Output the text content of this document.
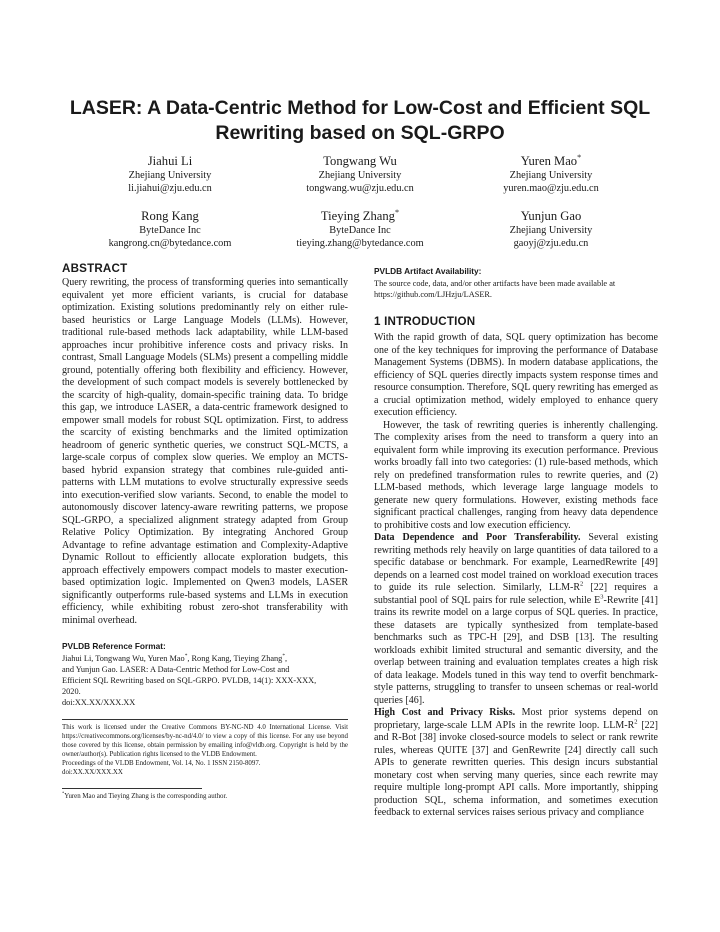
LASER: A Data-Centric Method for Low-Cost and Efficient SQL Rewriting based on SQL-GRPO
Jiahui Li
Zhejiang University
li.jiahui@zju.edu.cn
Tongwang Wu
Zhejiang University
tongwang.wu@zju.edu.cn
Yuren Mao*
Zhejiang University
yuren.mao@zju.edu.cn
Rong Kang
ByteDance Inc
kangrong.cn@bytedance.com
Tieying Zhang*
ByteDance Inc
tieying.zhang@bytedance.com
Yunjun Gao
Zhejiang University
gaoyj@zju.edu.cn
ABSTRACT

Query rewriting, the process of transforming queries into semantically equivalent yet more efficient variants, is crucial for database optimization. Existing solutions predominantly rely on either rule-based heuristics or Large Language Models (LLMs). However, traditional rule-based methods lack adaptability, while LLM-based approaches incur prohibitive inference costs and privacy risks. In contrast, Small Language Models (SLMs) present a compelling middle ground, potentially offering both flexibility and efficiency. However, the development of such compact models is severely bottlenecked by the scarcity of high-quality, domain-specific training data. To bridge this gap, we introduce LASER, a data-centric framework designed to empower small models for robust SQL optimization. First, to address the scarcity of existing benchmarks and the limited optimization headroom of generic synthetic queries, we construct SQL-MCTS, a large-scale corpus of complex slow queries. We employ an MCTS-based hybrid expansion strategy that combines rule-guided anti-patterns with LLM mutations to evolve structurally expressive seeds into execution-verified slow variants. Second, to enable the model to autonomously discover latency-aware rewriting patterns, we propose SQL-GRPO, a specialized alignment strategy adapted from Group Relative Policy Optimization. By integrating Anchored Group Advantage to refine advantage estimation and Complexity-Adaptive Dynamic Rollout to efficiently allocate exploration budgets, this approach effectively empowers compact models to master execution-based optimization logic. Implemented on Qwen3 models, LASER significantly outperforms rule-based systems and LLMs in execution efficiency, while exhibiting robust zero-shot transferability with minimal overhead.

PVLDB Reference Format:

Jiahui Li, Tongwang Wu, Yuren Mao*, Rong Kang, Tieying Zhang*,
and Yunjun Gao. LASER: A Data-Centric Method for Low-Cost and
Efficient SQL Rewriting based on SQL-GRPO. PVLDB, 14(1): XXX-XXX,
2020.
doi:XX.XX/XXX.XX

This work is licensed under the Creative Commons BY-NC-ND 4.0 International License. Visit https://creativecommons.org/licenses/by-nc-nd/4.0/ to view a copy of this license. For any use beyond those covered by this license, obtain permission by emailing info@vldb.org. Copyright is held by the owner/author(s). Publication rights licensed to the VLDB Endowment.

Proceedings of the VLDB Endowment, Vol. 14, No. 1 ISSN 2150-8097.

doi:XX.XX/XXX.XX

*Yuren Mao and Tieying Zhang is the corresponding author.

PVLDB Artifact Availability:

The source code, data, and/or other artifacts have been made available at https://github.com/LJHzju/LASER.

1 INTRODUCTION

With the rapid growth of data, SQL query optimization has become one of the key techniques for improving the performance of Database Management Systems (DBMS). In modern database applications, the efficiency of SQL queries directly impacts system response times and resource consumption. Therefore, SQL query rewriting has emerged as a crucial optimization method, widely employed to enhance query execution efficiency.

However, the task of rewriting queries is inherently challenging. The complexity arises from the need to transform a query into an equivalent form while improving its execution performance. Previous works broadly fall into two categories: (1) rule-based methods, which rely on predefined transformation rules to rewrite queries, and (2) LLM-based methods, which leverage large language models to generate new query formulations. However, existing methods face significant practical challenges, ranging from heavy data dependence to prohibitive costs and low execution efficiency.

Data Dependence and Poor Transferability. Several existing rewriting methods rely heavily on large quantities of data tailored to a specific database or benchmark. For example, LearnedRewrite [49] depends on a learned cost model trained on workload execution traces to guide its rule selection. Similarly, LLM-$R^2$ [22] requires a substantial pool of SQL pairs for rule selection, while $E^3$-Rewrite [41] trains its rewrite model on a large corpus of SQL queries. In practice, these datasets are typically synthesized from template-based benchmarks such as TPC-H [29], and DSB [13]. The resulting workloads exhibit limited structural and semantic diversity, and the overlap between training and evaluation templates creates a high risk of data leakage. Models tuned in this way tend to overfit benchmark-style patterns, struggling to transfer to unseen schemas or real-world queries [46].

High Cost and Privacy Risks. Most prior systems depend on proprietary, large-scale LLM APIs in the rewrite loop. LLM-$R^2$ [22] and R-Bot [38] invoke closed-source models to select or rank rewrite rules, whereas QUITE [37] and GenRewrite [24] directly call such APIs to generate rewritten queries. This design incurs substantial monetary cost when serving many queries, since each rewrite may require multiple long-prompt API calls. More importantly, shipping production SQL, schema information, and sometimes execution feedback to external services raises serious privacy and compliance
